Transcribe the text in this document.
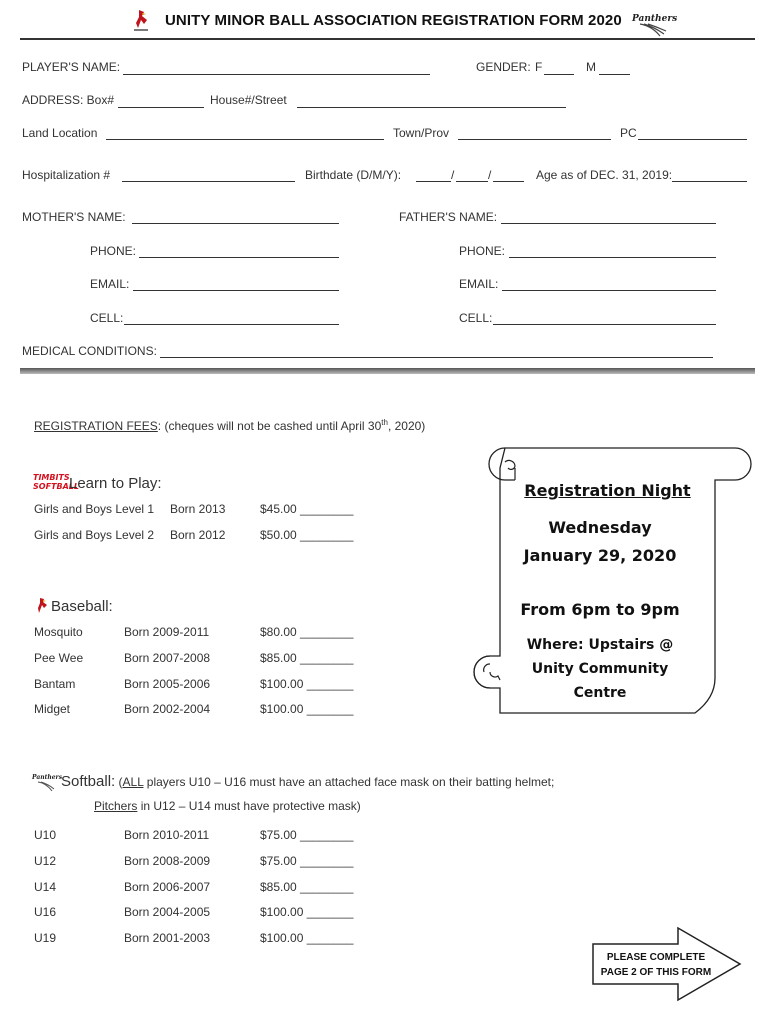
UNITY MINOR BALL ASSOCIATION REGISTRATION FORM 2020 Panthers
PLAYER'S NAME:	GENDER: F	M
ADDRESS: Box#	House#/Street
Land Location	Town/Prov	PC
Hospitalization #	Birthdate (D/M/Y):	/	/	Age as of DEC. 31, 2019:
MOTHER'S NAME:	FATHER'S NAME:
PHONE:	PHONE:
EMAIL:	EMAIL:
CELL:	CELL:
MEDICAL CONDITIONS:
REGISTRATION FEES: (cheques will not be cashed until April 30th, 2020)
TIMBITS SOFTBALL
Learn to Play:
Girls and Boys Level 1 Born 2013	$45.00 ________
Girls and Boys Level 2 Born 2012	$50.00 ________
Baseball:
Mosquito	Born 2009-2011	$80.00 ________
Pee Wee	Born 2007-2008	$85.00 ________
Bantam	Born 2005-2006	$100.00 _______
Midget	Born 2002-2004	$100.00 _______
Panthers
Softball: (ALL players U10 – U16 must have an attached face mask on their batting helmet;
Pitchers in U12 – U14 must have protective mask)
U10	Born 2010-2011	$75.00 ________
U12	Born 2008-2009	$75.00 ________
U14	Born 2006-2007	$85.00 ________
U16	Born 2004-2005	$100.00 _______
U19	Born 2001-2003	$100.00 _______
Registration Night
Wednesday
January 29, 2020
From 6pm to 9pm
Where: Upstairs @
Unity Community
Centre
PLEASE COMPLETE
PAGE 2 OF THIS FORM
